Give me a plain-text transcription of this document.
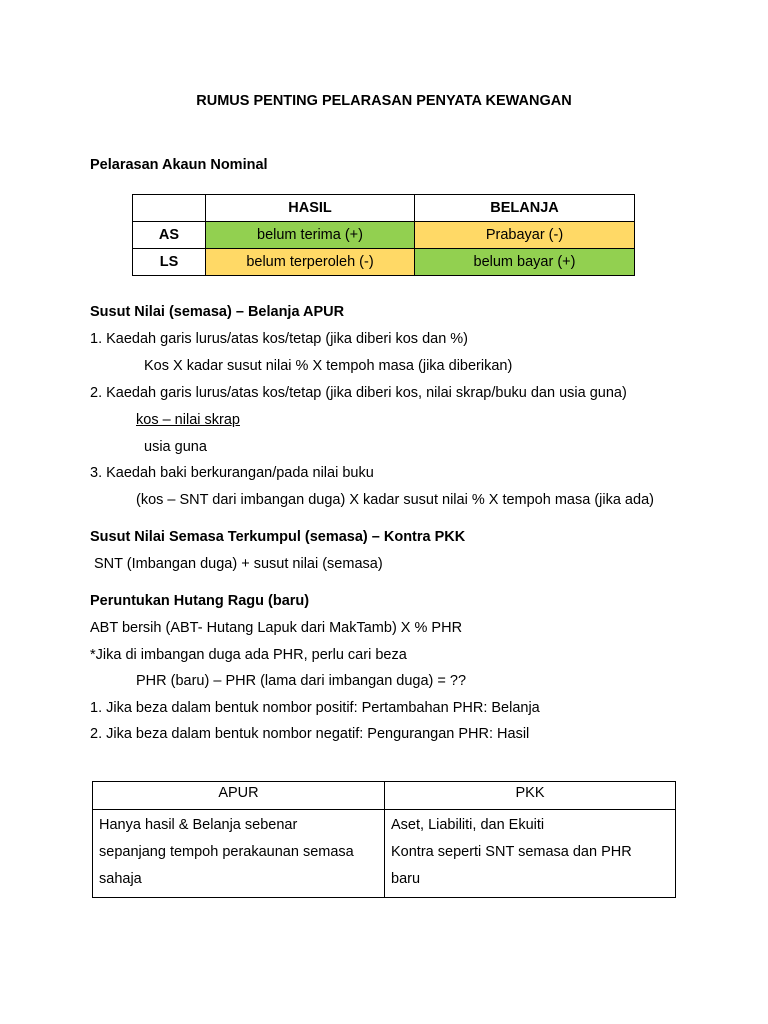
RUMUS PENTING PELARASAN PENYATA KEWANGAN
Pelarasan Akaun Nominal
	HASIL	BELANJA
AS	belum terima (+)	Prabayar (-)
LS	belum terperoleh (-)	belum bayar (+)
Susut Nilai (semasa) – Belanja APUR
1. Kaedah garis lurus/atas kos/tetap (jika diberi kos dan %)
Kos X kadar susut nilai % X tempoh masa (jika diberikan)
2. Kaedah garis lurus/atas kos/tetap (jika diberi kos, nilai skrap/buku dan usia guna)
kos – nilai skrap
usia guna
3. Kaedah baki berkurangan/pada nilai buku
(kos – SNT dari imbangan duga) X kadar susut nilai % X tempoh masa (jika ada)
Susut Nilai Semasa Terkumpul (semasa) – Kontra PKK
SNT (Imbangan duga) + susut nilai (semasa)
Peruntukan Hutang Ragu (baru)
ABT bersih (ABT- Hutang Lapuk dari MakTamb) X % PHR
*Jika di imbangan duga ada PHR, perlu cari beza
PHR (baru) – PHR (lama dari imbangan duga) = ??
1. Jika beza dalam bentuk nombor positif: Pertambahan PHR: Belanja
2. Jika beza dalam bentuk nombor negatif: Pengurangan PHR: Hasil
APUR	PKK
Hanya hasil & Belanja sebenar sepanjang tempoh perakaunan semasa sahaja	Aset, Liabiliti, dan Ekuiti
Kontra seperti SNT semasa dan PHR baru
